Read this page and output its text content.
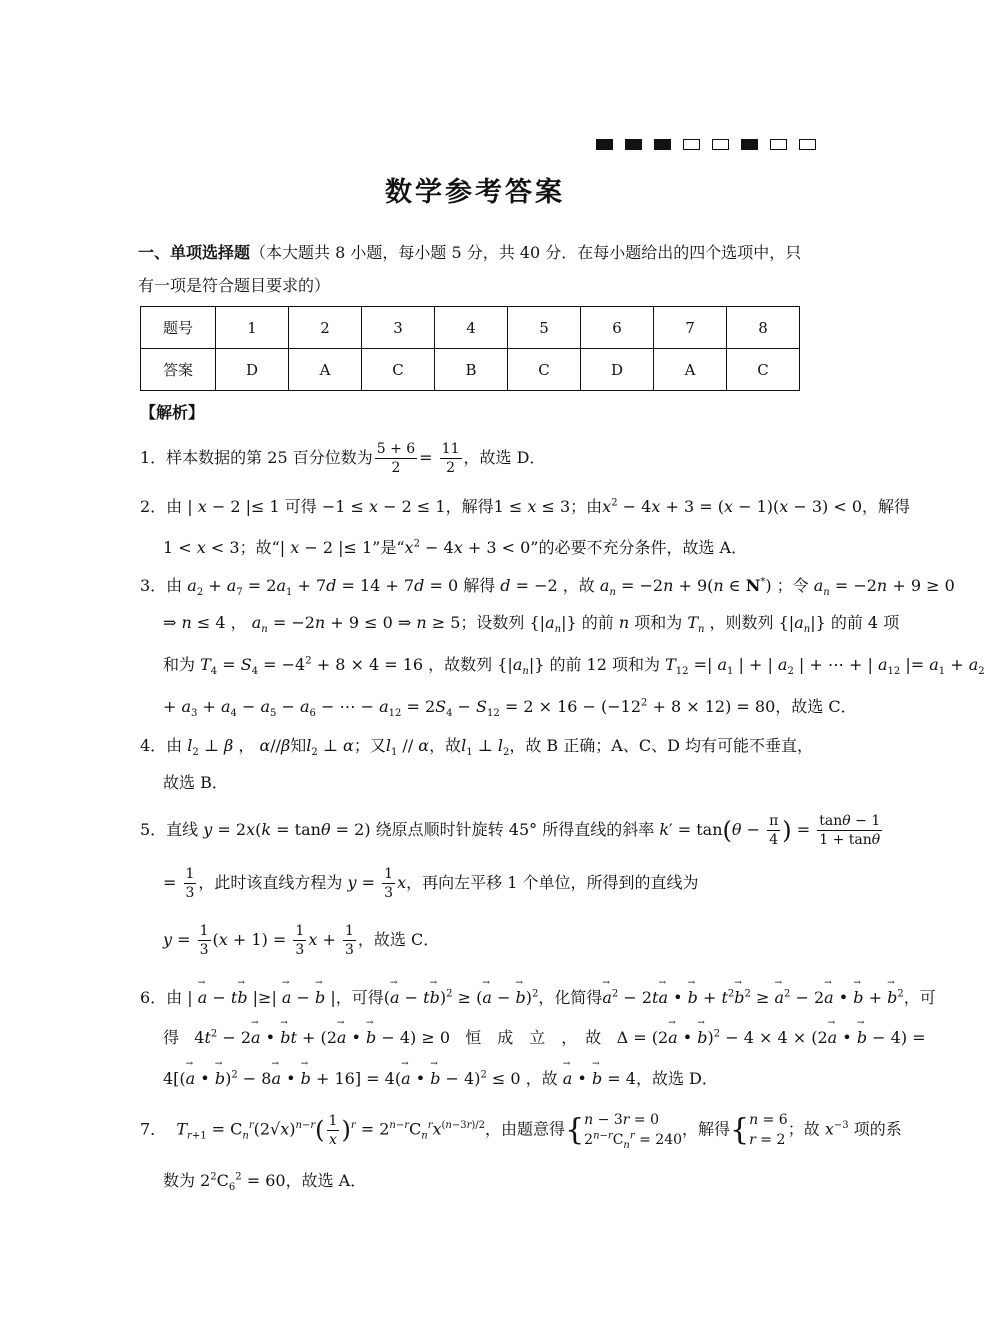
数学参考答案
一、单项选择题（本大题共 8 小题，每小题 5 分，共 40 分．在每小题给出的四个选项中，只有一项是符合题目要求的）
题号	1	2	3	4	5	6	7	8
答案	D	A	C	B	C	D	A	C
【解析】
1．样本数据的第 25 百分位数为 $\frac{5 + 6}{2} = \frac{11}{2}$ ，故选 D．
2．由 | x − 2 |≤ 1 可得 −1 ≤ x − 2 ≤ 1，解得1 ≤ x ≤ 3；由$x^2 - 4x + 3 = (x - 1)(x - 3) < 0$，解得
1 < x < 3；故“| x − 2 |≤ 1”是“$x^2 - 4x + 3 < 0$”的必要不充分条件，故选 A．
3．由 $a_2 + a_7 = 2a_1 + 7d = 14 + 7d = 0$ 解得 d = −2 ，故 $a_n = -2n + 9(n$ ∈ N*) ；令 $a_n = -2n + 9 \ge 0$
⇒ n ≤ 4 ， $a_n = -2n + 9 \le 0$ ⇒ n ≥ 5；设数列 $\{|a_n|\}$ 的前 n 项和为 $T_n$ ，则数列 $\{|a_n|\}$ 的前 4 项
和为 $T_4 = S_4 = -4^2 + 8 \times 4 = 16$ ，故数列 $\{|a_n|\}$ 的前 12 项和为 $T_{12}$ =| $a_1$ | + | $a_2$ | + ⋯ + | $a_{12}$ |= $a_1 + a_2$
+ $a_3 + a_4 - a_5 - a_6$ − ⋯ − $a_{12} = 2S_4 - S_{12} = 2 \times 16 - (-12^2 + 8 \times 12) = 80$，故选 C．
4．由 $l_2$ ⊥ β ， α//β知$l_2$ ⊥ α；又$l_1$ // α，故$l_1$ ⊥ $l_2$，故 B 正确；A、C、D 均有可能不垂直，
故选 B．
5．直线 y = 2x(k = tanθ = 2) 绕原点顺时针旋转 45° 所得直线的斜率 $k' = \tan(\theta - \frac{\pi}{4}$ ) = $\frac{\tan\theta - 1}{1 + \tan\theta}$
= $\frac{1}{3}$ ，此时该直线方程为 $y = \frac{1}{3}$ x，再向左平移 1 个单位，所得到的直线为
$y = \frac{1}{3} (x + 1) = \frac{1}{3}$ $x + \frac{1}{3}$ ，故选 C．
6．由 | → a − t→ b |≥| → a − → b |，可得(→ a − t→ b)$^2$ ≥ (→ a − → b)$^2$，化简得→ $a^2 - 2t\to a$ • → $b + t^2\to b^2$ ≥ → $a^2 - 2\to a$ • → b + → $b^2$，可
得   $4t^2 - 2\to a$ • → bt + (2→ a • → b − 4) ≥ 0   恒　成　立　，　故   Δ = (2→ a • → b)$^2$ − 4 × 4 × (2→ a • → b − 4) =
4[(→ a • → b)$^2$ − 8→ a • → b + 16] = 4(→ a • → b − 4)$^2$ ≤ 0 ，故 → a • → b = 4，故选 D．
7．  $T_{r+1} = C_n^r(2√x)^{n-r}( \frac{1}{x} )^r = 2^{n-r}C_n^rx^{(n-3r)/2}$，由题意得{ n − 3r = 0
$2^{n-r}C_n^r = 240$
，解得{ n = 6
r = 2
；故 $x^{-3}$ 项的系
数为 $2^2C_6^2 = 60$，故选 A．
